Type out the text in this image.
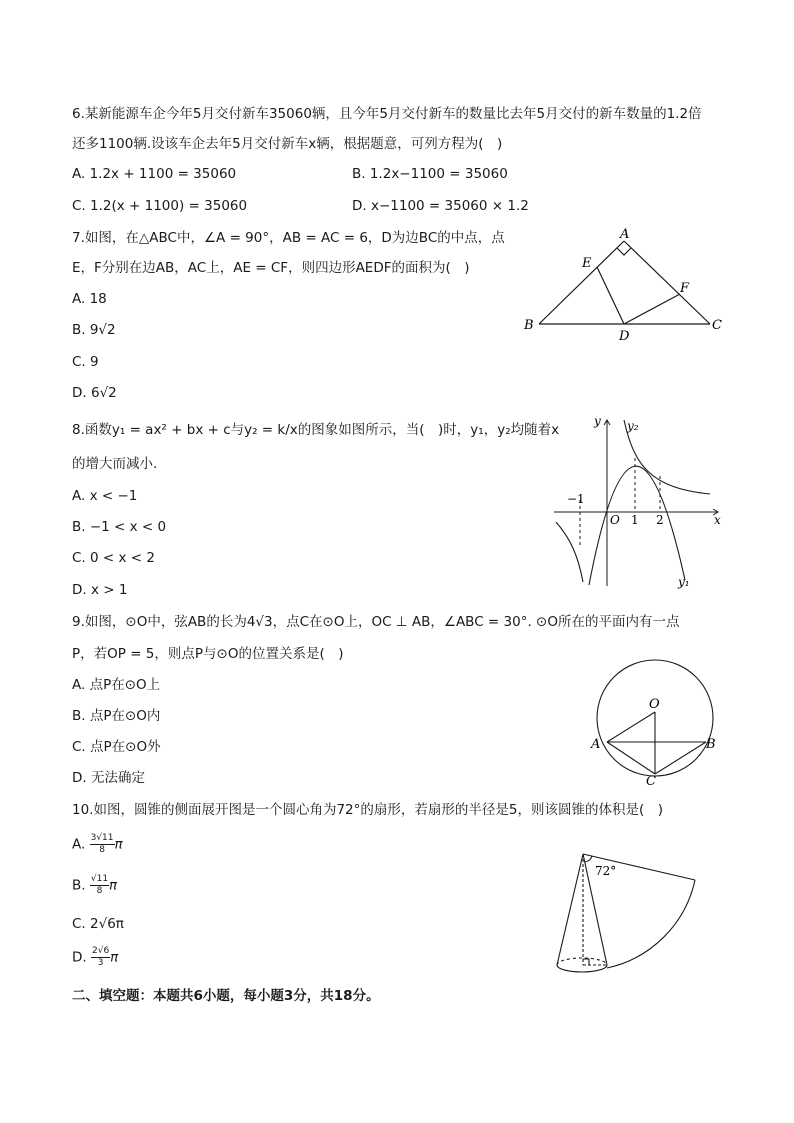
6.某新能源车企今年5月交付新车35060辆，且今年5月交付新车的数量比去年5月交付的新车数量的1.2倍
还多1100辆.设该车企去年5月交付新车x辆，根据题意，可列方程为(　)
A. 1.2x + 1100 = 35060	B. 1.2x−1100 = 35060
C. 1.2(x + 1100) = 35060	D. x−1100 = 35060 × 1.2
7.如图，在△ABC中，∠A = 90°，AB = AC = 6，D为边BC的中点，点
E，F分别在边AB，AC上，AE = CF，则四边形AEDF的面积为(　)
A. 18
B. 9√2
C. 9
D. 6√2
A
B	C
D
E
F
8.函数y₁ = ax² + bx + c与y₂ = k/x的图象如图所示，当(　)时，y₁，y₂均随着x
的增大而减小.
A. x < −1
B. −1 < x < 0
C. 0 < x < 2
D. x > 1
y
x
O
−1
1 2
y₁
y₂
9.如图，⊙O中，弦AB的长为4√3，点C在⊙O上，OC ⊥ AB，∠ABC = 30°. ⊙O所在的平面内有一点
P，若OP = 5，则点P与⊙O的位置关系是(　)
A. 点P在⊙O上
B. 点P在⊙O内
C. 点P在⊙O外
D. 无法确定
O
A	B
C
10.如图，圆锥的侧面展开图是一个圆心角为72°的扇形，若扇形的半径是5，则该圆锥的体积是(　)
A. $\frac{3√11}{8}$ π
B. $\frac{√11}{8}$ π
C. 2√6π
D. $\frac{2√6}{3}$ π
72°
二、填空题：本题共6小题，每小题3分，共18分。
